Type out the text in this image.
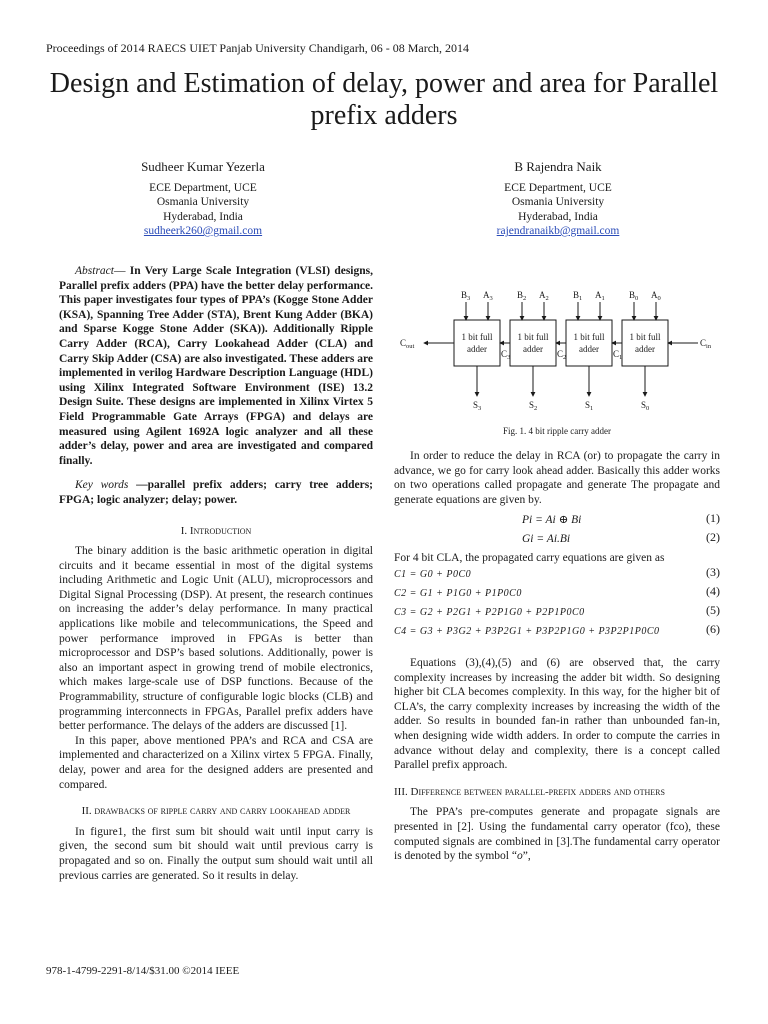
Proceedings of 2014 RAECS UIET Panjab University Chandigarh, 06 - 08 March, 2014
Design and Estimation of delay, power and area for Parallel prefix adders
Sudheer Kumar Yezerla
ECE Department, UCE
Osmania University
Hyderabad, India
sudheerk260@gmail.com
B Rajendra Naik
ECE Department, UCE
Osmania University
Hyderabad, India
rajendranaikb@gmail.com

Abstract— In Very Large Scale Integration (VLSI) designs, Parallel prefix adders (PPA) have the better delay performance. This paper investigates four types of PPA’s (Kogge Stone Adder (KSA), Spanning Tree Adder (STA), Brent Kung Adder (BKA) and Sparse Kogge Stone Adder (SKA)). Additionally Ripple Carry Adder (RCA), Carry Lookahead Adder (CLA) and Carry Skip Adder (CSA) are also investigated. These adders are implemented in verilog Hardware Description Language (HDL) using Xilinx Integrated Software Environment (ISE) 13.2 Design Suite. These designs are implemented in Xilinx Virtex 5 Field Programmable Gate Arrays (FPGA) and delays are measured using Agilent 1692A logic analyzer and all these adder’s delay, power and area are investigated and compared finally.

Key words —parallel prefix adders; carry tree adders; FPGA; logic analyzer; delay; power.

I. Introduction

The binary addition is the basic arithmetic operation in digital circuits and it became essential in most of the digital systems including Arithmetic and Logic Unit (ALU), microprocessors and Digital Signal Processing (DSP). At present, the research continues on increasing the adder’s delay performance. In many practical applications like mobile and telecommunications, the Speed and power performance improved in FPGAs is better than microprocessor and DSP’s based solutions. Additionally, power is also an important aspect in growing trend of mobile electronics, which makes large-scale use of DSP functions. Because of the Programmability, structure of configurable logic blocks (CLB) and programming interconnects in FPGAs, Parallel prefix adders have better performance. The delays of the adders are discussed [1].

In this paper, above mentioned PPA’s and RCA and CSA are implemented and characterized on a Xilinx virtex 5 FPGA. Finally, delay, power and area for the designed adders are presented and compared.

II. drawbacks of ripple carry and carry lookahead adder

In figure1, the first sum bit should wait until input carry is given, the second sum bit should wait until previous carry is propagated and so on. Finally the output sum should wait until all previous carries are generated. So it results in delay.

1 bit full
adder
$B_3$ $A_3$
$S_3$
1 bit full
adder
$B_2$ $A_2$
$S_2$
1 bit full
adder
$B_1$ $A_1$
$S_1$
1 bit full
adder
$B_0$ $A_0$
$S_0$
$C_3$	$C_2$	$C_1$
$C_{out}$	$C_{in}$
Fig. 1. 4 bit ripple carry adder

In order to reduce the delay in RCA (or) to propagate the carry in advance, we go for carry look ahead adder. Basically this adder works on two operations called propagate and generate The propagate and generate equations are given by.

Pi = Ai ⊕ Bi	(1)
Gi = Ai.Bi	(2)

For 4 bit CLA, the propagated carry equations are given as

C1 = G0 + P0C0	(3)
C2 = G1 + P1G0 + P1P0C0	(4)
C3 = G2 + P2G1 + P2P1G0 + P2P1P0C0	(5)
C4 = G3 + P3G2 + P3P2G1 + P3P2P1G0 + P3P2P1P0C0	(6)

Equations (3),(4),(5) and (6) are observed that, the carry complexity increases by increasing the adder bit width. So designing higher bit CLA becomes complexity. In this way, for the higher bit of CLA’s, the carry complexity increases by increasing the width of the adder. So results in bounded fan-in rather than unbounded fan-in, when designing wide width adders. In order to compute the carries in advance without delay and complexity, there is a concept called Parallel prefix approach.

III. Difference between parallel-prefix adders and others

The PPA’s pre-computes generate and propagate signals are presented in [2]. Using the fundamental carry operator (fco), these computed signals are combined in [3].The fundamental carry operator is denoted by the symbol “o”,

978-1-4799-2291-8/14/$31.00 ©2014 IEEE
